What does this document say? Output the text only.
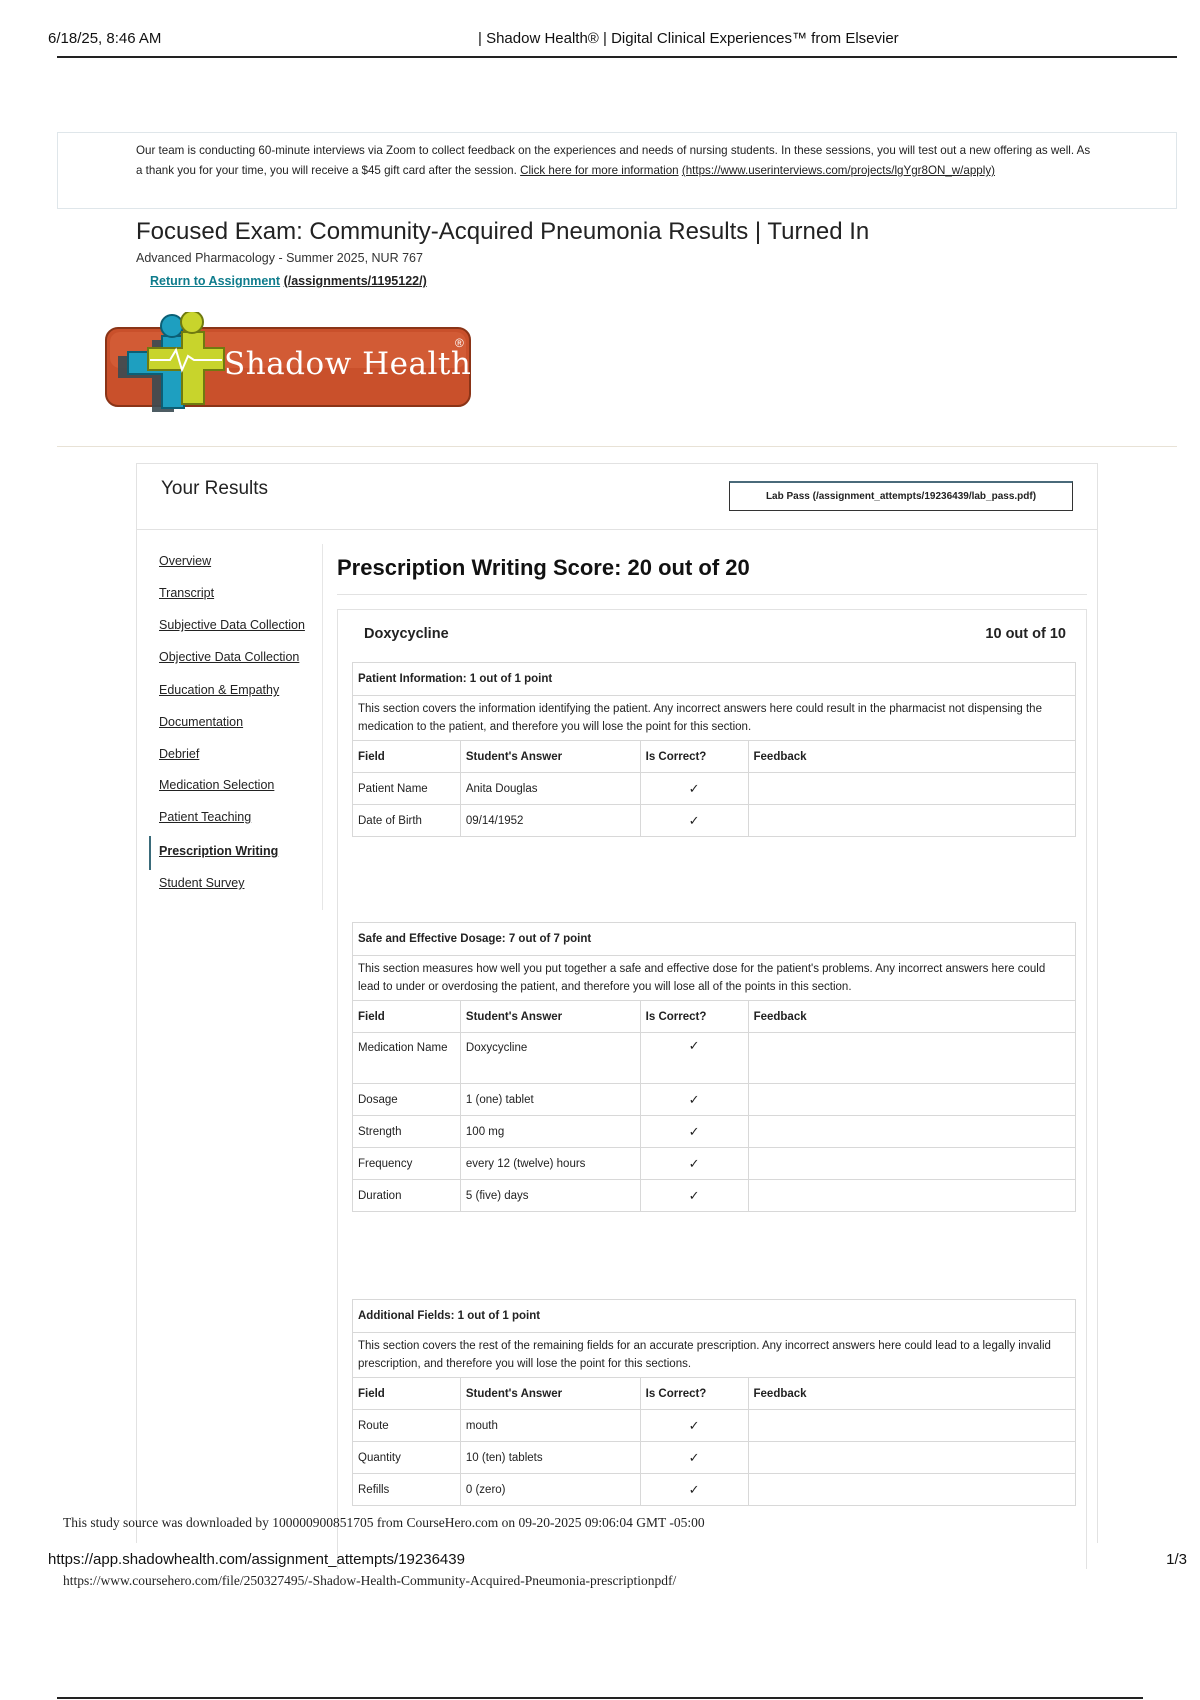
6/18/25, 8:46 AM	| Shadow Health® | Digital Clinical Experiences™ from Elsevier
Our team is conducting 60-minute interviews via Zoom to collect feedback on the experiences and needs of nursing students. In these sessions, you will test out a new offering as well. As a thank you for your time, you will receive a $45 gift card after the session. Click here for more information (https://www.userinterviews.com/projects/lgYgr8ON_w/apply)
Focused Exam: Community-Acquired Pneumonia Results | Turned In
Advanced Pharmacology - Summer 2025, NUR 767
Return to Assignment (/assignments/1195122/)
Shadow Health
®
Your Results	Lab Pass (/assignment_attempts/19236439/lab_pass.pdf)
Overview
Transcript
Subjective Data Collection
Objective Data Collection
Education & Empathy
Documentation
Debrief
Medication Selection
Patient Teaching
Prescription Writing
Student Survey
Prescription Writing Score: 20 out of 20
Doxycycline	10 out of 10
Patient Information: 1 out of 1 point			
This section covers the information identifying the patient. Any incorrect answers here could result in the pharmacist not dispensing the medication to the patient, and therefore you will lose the point for this section.			
Field	Student's Answer	Is Correct?	Feedback
Patient Name	Anita Douglas	✓	
Date of Birth	09/14/1952	✓	
Safe and Effective Dosage: 7 out of 7 point			
This section measures how well you put together a safe and effective dose for the patient's problems. Any incorrect answers here could lead to under or overdosing the patient, and therefore you will lose all of the points in this section.			
Field	Student's Answer	Is Correct?	Feedback
Medication Name	Doxycycline	✓	
Dosage	1 (one) tablet	✓	
Strength	100 mg	✓	
Frequency	every 12 (twelve) hours	✓	
Duration	5 (five) days	✓	
Additional Fields: 1 out of 1 point			
This section covers the rest of the remaining fields for an accurate prescription. Any incorrect answers here could lead to a legally invalid prescription, and therefore you will lose the point for this sections.			
Field	Student's Answer	Is Correct?	Feedback
Route	mouth	✓	
Quantity	10 (ten) tablets	✓	
Refills	0 (zero)	✓	
This study source was downloaded by 100000900851705 from CourseHero.com on 09-20-2025 09:06:04 GMT -05:00
https://app.shadowhealth.com/assignment_attempts/19236439	1/3
https://www.coursehero.com/file/250327495/-Shadow-Health-Community-Acquired-Pneumonia-prescriptionpdf/
